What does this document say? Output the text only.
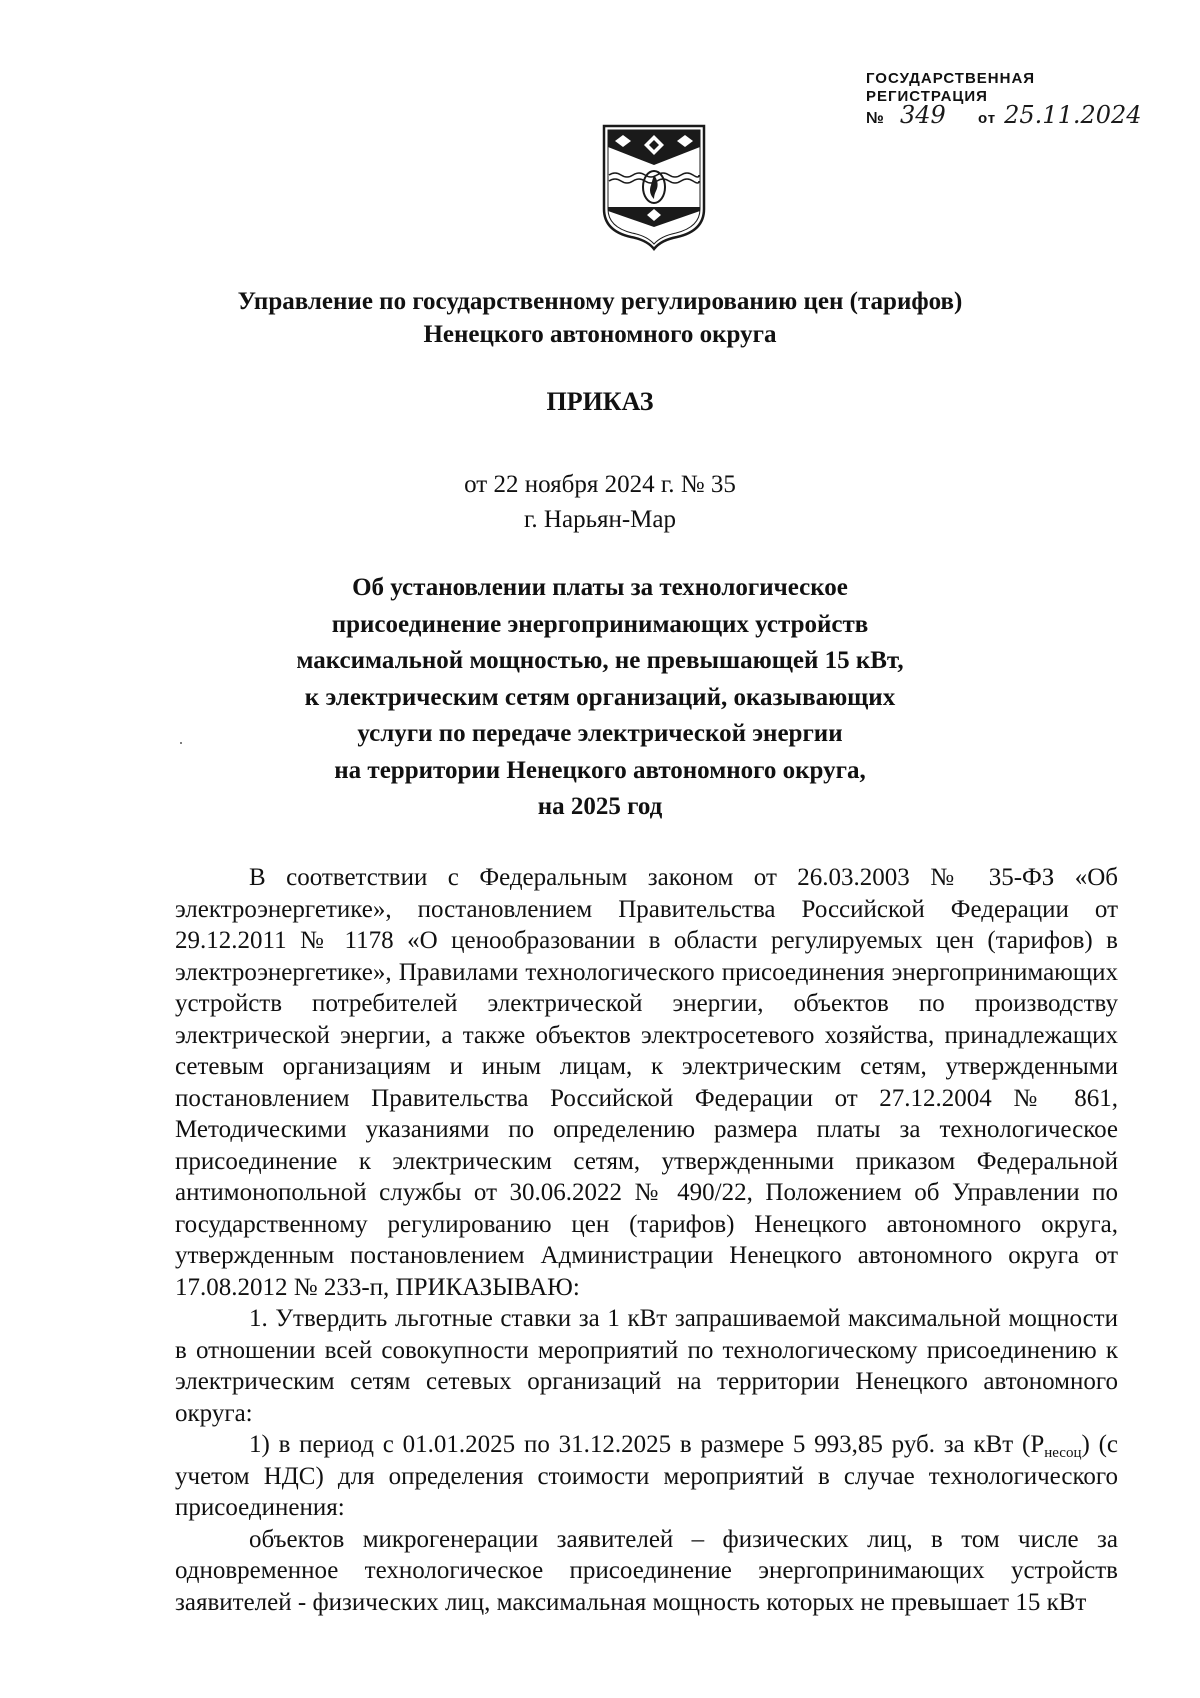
ГОСУДАРСТВЕННАЯ
РЕГИСТРАЦИЯ
№ 349	от 25.11.2024
Управление по государственному регулированию цен (тарифов)
Ненецкого автономного округа
ПРИКАЗ
от 22 ноября 2024 г. № 35
г. Нарьян-Мар
Об установлении платы за технологическое
присоединение энергопринимающих устройств
максимальной мощностью, не превышающей 15 кВт,
к электрическим сетям организаций, оказывающих
услуги по передаче электрической энергии
на территории Ненецкого автономного округа,
на 2025 год

В соответствии с Федеральным законом от 26.03.2003 № 35-ФЗ «Об электроэнергетике», постановлением Правительства Российской Федерации от 29.12.2011 № 1178 «О ценообразовании в области регулируемых цен (тарифов) в электроэнергетике», Правилами технологического присоединения энергопринимающих устройств потребителей электрической энергии, объектов по производству электрической энергии, а также объектов электросетевого хозяйства, принадлежащих сетевым организациям и иным лицам, к электрическим сетям, утвержденными постановлением Правительства Российской Федерации от 27.12.2004 № 861, Методическими указаниями по определению размера платы за технологическое присоединение к электрическим сетям, утвержденными приказом Федеральной антимонопольной службы от 30.06.2022 № 490/22, Положением об Управлении по государственному регулированию цен (тарифов) Ненецкого автономного округа, утвержденным постановлением Администрации Ненецкого автономного округа от 17.08.2012 № 233-п, ПРИКАЗЫВАЮ:

1. Утвердить льготные ставки за 1 кВт запрашиваемой максимальной мощности в отношении всей совокупности мероприятий по технологическому присоединению к электрическим сетям сетевых организаций на территории Ненецкого автономного округа:

1) в период с 01.01.2025 по 31.12.2025 в размере 5 993,85 руб. за кВт $(Р_{несоц})$ (с учетом НДС) для определения стоимости мероприятий в случае технологического присоединения:

объектов микрогенерации заявителей – физических лиц, в том числе за одновременное технологическое присоединение энергопринимающих устройств заявителей - физических лиц, максимальная мощность которых не превышает 15 кВт
